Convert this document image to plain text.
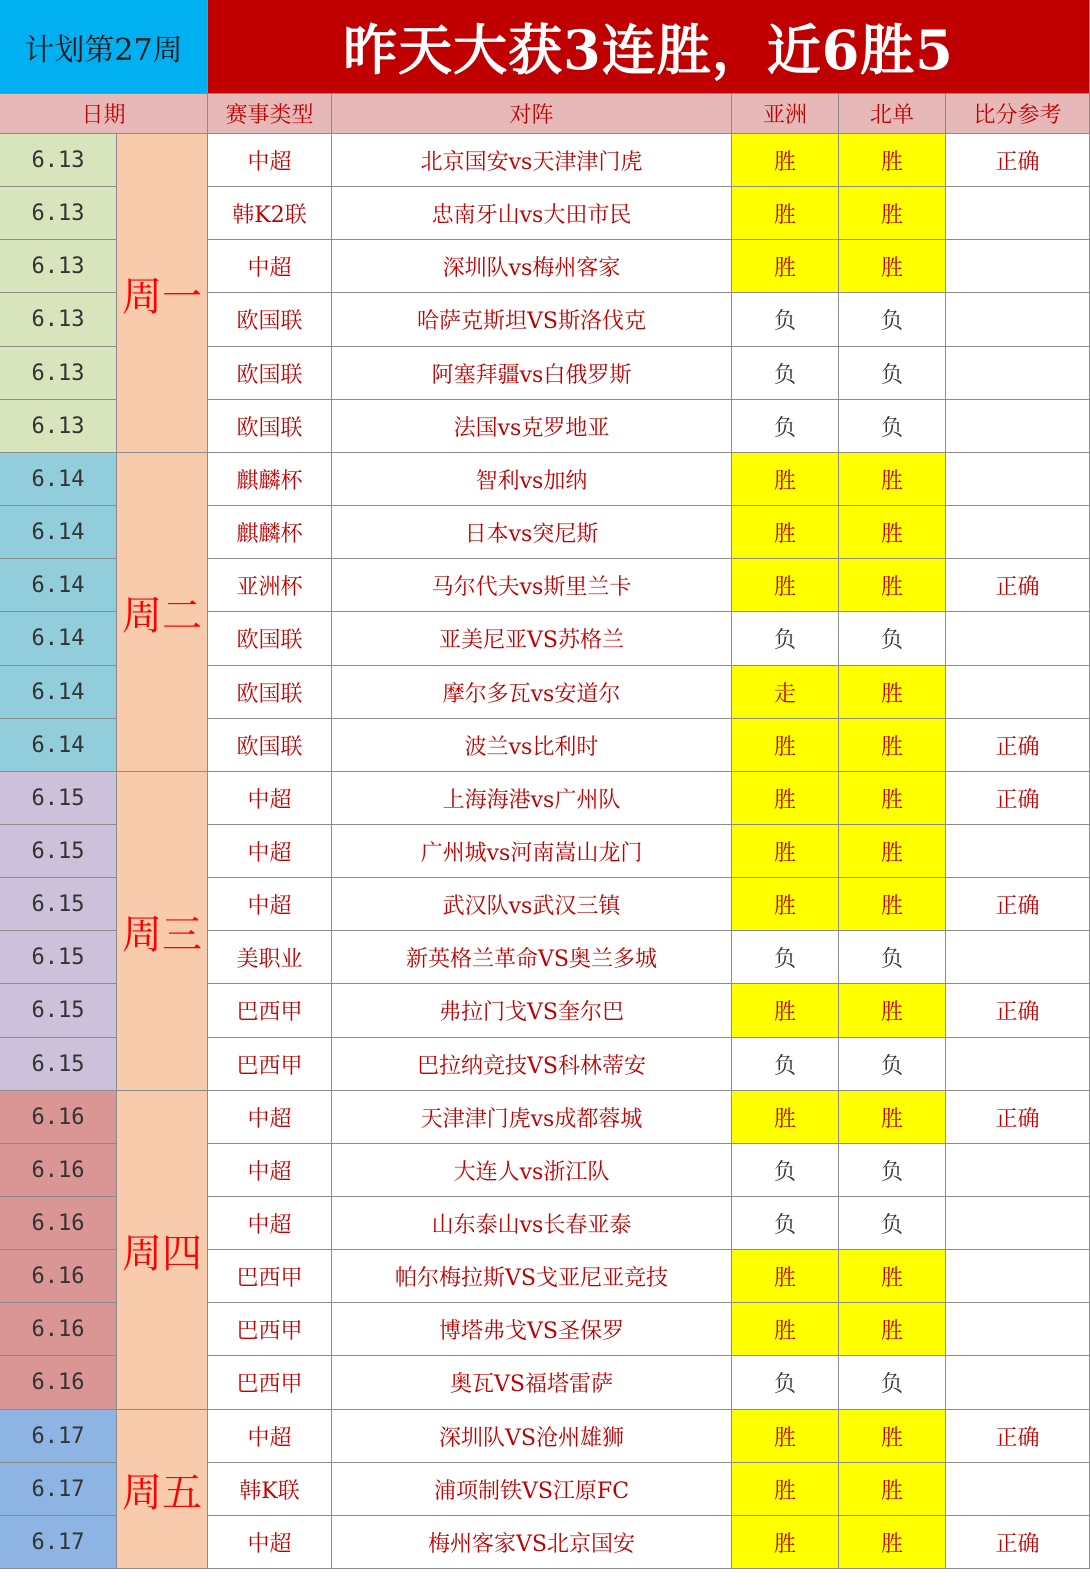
计划第27周	昨天大获3连胜，近6胜5
日期	赛事类型	对阵	亚洲	北单	比分参考
周一
6.13	中超	北京国安vs天津津门虎	胜	胜	正确
6.13	韩K2联	忠南牙山vs大田市民	胜	胜
6.13	中超	深圳队vs梅州客家	胜	胜
6.13	欧国联	哈萨克斯坦VS斯洛伐克	负	负
6.13	欧国联	阿塞拜疆vs白俄罗斯	负	负
6.13	欧国联	法国vs克罗地亚	负	负
周二
6.14	麒麟杯	智利vs加纳	胜	胜
6.14	麒麟杯	日本vs突尼斯	胜	胜
6.14	亚洲杯	马尔代夫vs斯里兰卡	胜	胜	正确
6.14	欧国联	亚美尼亚VS苏格兰	负	负
6.14	欧国联	摩尔多瓦vs安道尔	走	胜
6.14	欧国联	波兰vs比利时	胜	胜	正确
周三
6.15	中超	上海海港vs广州队	胜	胜	正确
6.15	中超	广州城vs河南嵩山龙门	胜	胜
6.15	中超	武汉队vs武汉三镇	胜	胜	正确
6.15	美职业	新英格兰革命VS奥兰多城	负	负
6.15	巴西甲	弗拉门戈VS奎尔巴	胜	胜	正确
6.15	巴西甲	巴拉纳竞技VS科林蒂安	负	负
周四
6.16	中超	天津津门虎vs成都蓉城	胜	胜	正确
6.16	中超	大连人vs浙江队	负	负
6.16	中超	山东泰山vs长春亚泰	负	负
6.16	巴西甲	帕尔梅拉斯VS戈亚尼亚竞技	胜	胜
6.16	巴西甲	博塔弗戈VS圣保罗	胜	胜
6.16	巴西甲	奥瓦VS福塔雷萨	负	负
周五
6.17	中超	深圳队VS沧州雄狮	胜	胜	正确
6.17	韩K联	浦项制铁VS江原FC	胜	胜
6.17	中超	梅州客家VS北京国安	胜	胜	正确
